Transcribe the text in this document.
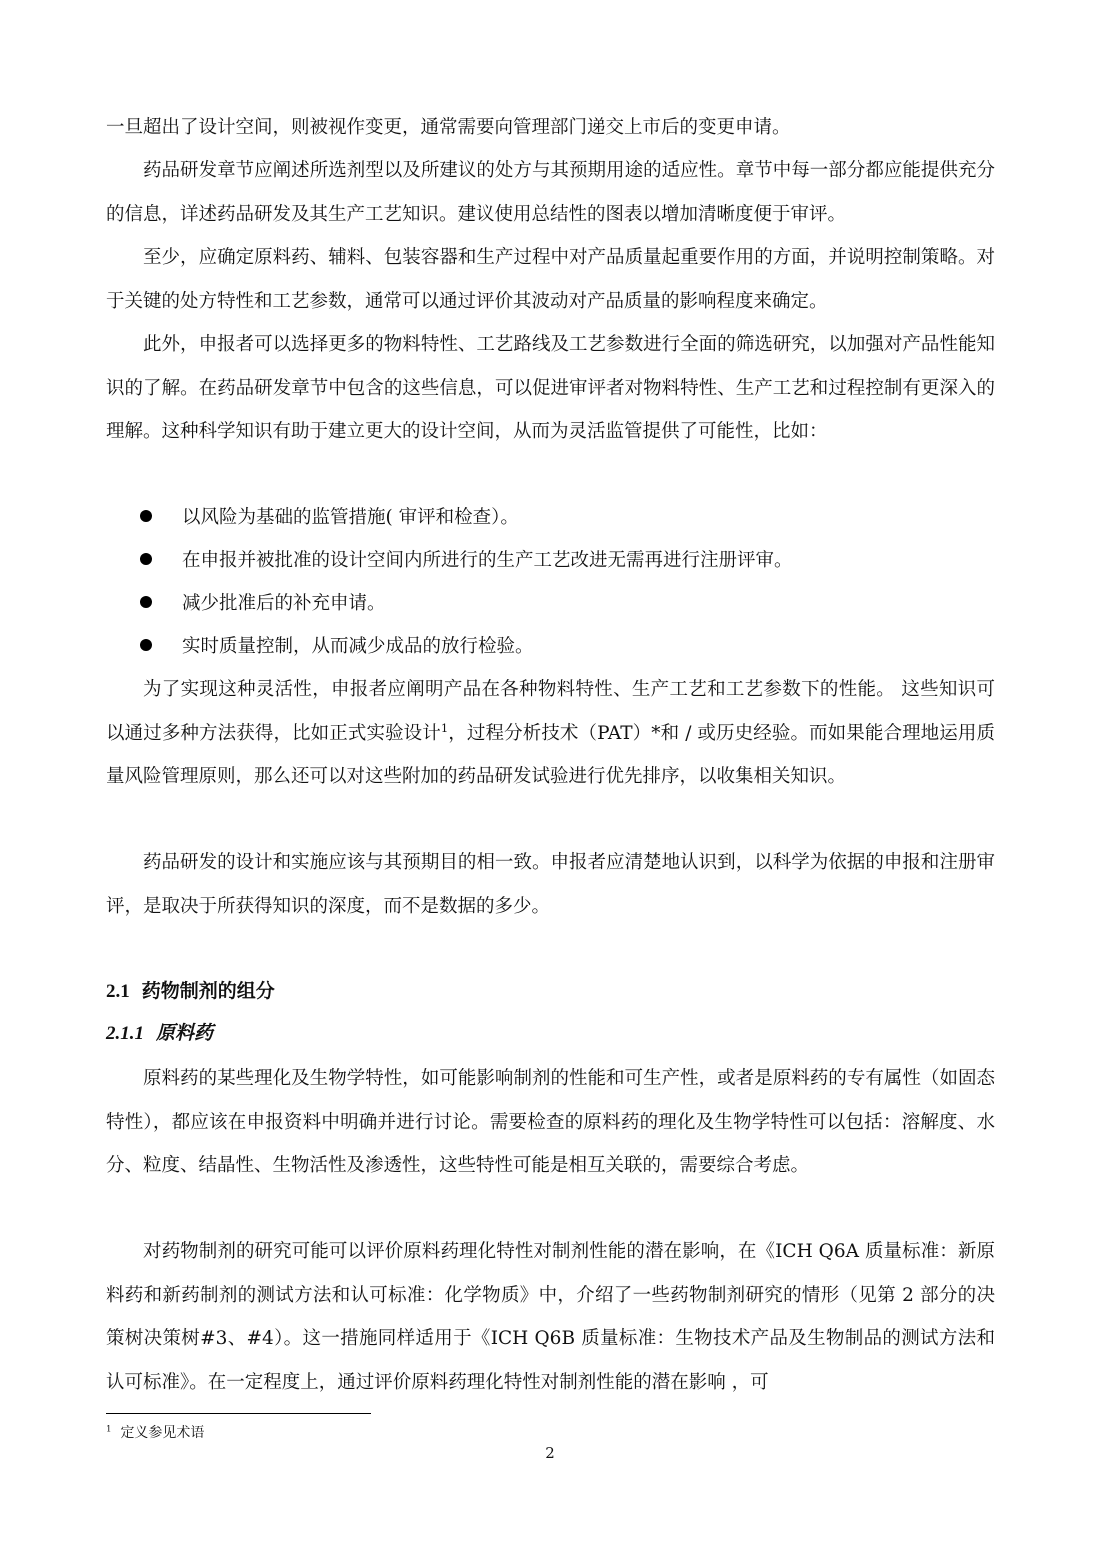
一旦超出了设计空间，则被视作变更，通常需要向管理部门递交上市后的变更申请。

药品研发章节应阐述所选剂型以及所建议的处方与其预期用途的适应性。章节中每一部分都应能提供充分的信息，详述药品研发及其生产工艺知识。建议使用总结性的图表以增加清晰度便于审评。

至少，应确定原料药、辅料、包装容器和生产过程中对产品质量起重要作用的方面，并说明控制策略。对于关键的处方特性和工艺参数，通常可以通过评价其波动对产品质量的影响程度来确定。

此外，申报者可以选择更多的物料特性、工艺路线及工艺参数进行全面的筛选研究，以加强对产品性能知识的了解。在药品研发章节中包含的这些信息，可以促进审评者对物料特性、生产工艺和过程控制有更深入的理解。这种科学知识有助于建立更大的设计空间，从而为灵活监管提供了可能性，比如：

以风险为基础的监管措施( 审评和检查）。
在申报并被批准的设计空间内所进行的生产工艺改进无需再进行注册评审。
减少批准后的补充申请。
实时质量控制，从而减少成品的放行检验。

为了实现这种灵活性，申报者应阐明产品在各种物料特性、生产工艺和工艺参数下的性能。 这些知识可以通过多种方法获得，比如正式实验设计$^1$，过程分析技术（PAT）*和 / 或历史经验。而如果能合理地运用质量风险管理原则，那么还可以对这些附加的药品研发试验进行优先排序，以收集相关知识。

药品研发的设计和实施应该与其预期目的相一致。申报者应清楚地认识到，以科学为依据的申报和注册审评，是取决于所获得知识的深度，而不是数据的多少。

2.1 药物制剂的组分
2.1.1 原料药

原料药的某些理化及生物学特性，如可能影响制剂的性能和可生产性，或者是原料药的专有属性（如固态特性），都应该在申报资料中明确并进行讨论。需要检查的原料药的理化及生物学特性可以包括：溶解度、水分、粒度、结晶性、生物活性及渗透性，这些特性可能是相互关联的，需要综合考虑。

对药物制剂的研究可能可以评价原料药理化特性对制剂性能的潜在影响，在《ICH Q6A 质量标准：新原料药和新药制剂的测试方法和认可标准：化学物质》中，介绍了一些药物制剂研究的情形（见第 2 部分的决策树决策树#3、#4）。这一措施同样适用于《ICH Q6B 质量标准：生物技术产品及生物制品的测试方法和认可标准》。在一定程度上，通过评价原料药理化特性对制剂性能的潜在影响 ，可

$^1$ 定义参见术语

2
